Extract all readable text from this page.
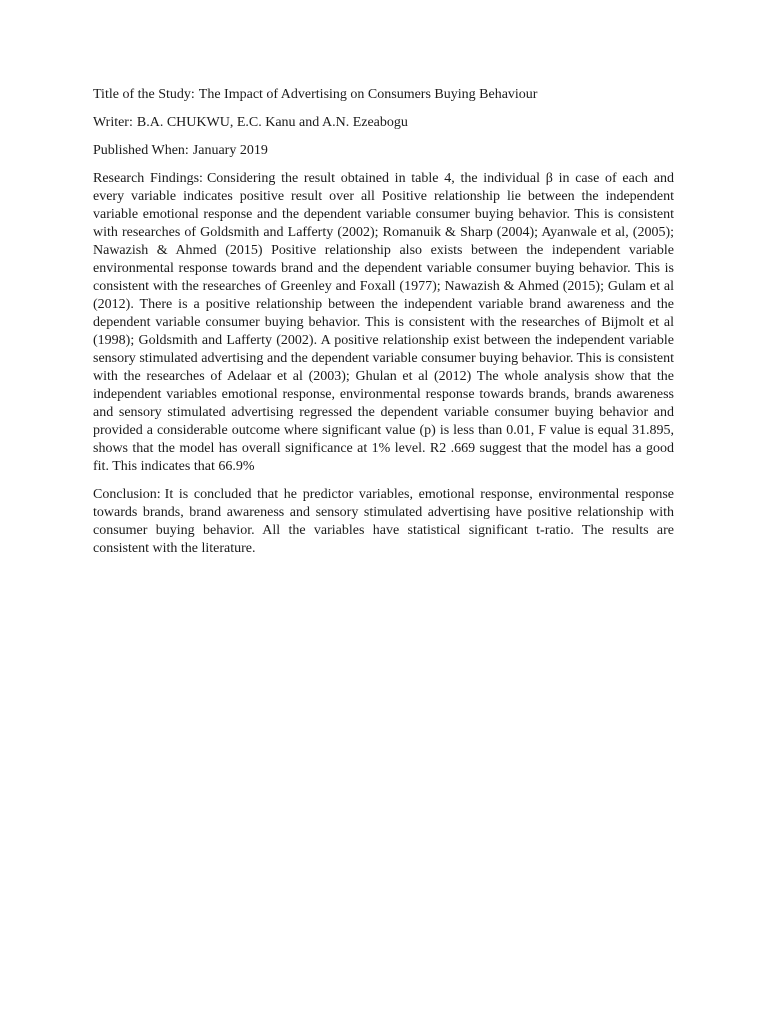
Title of the Study: The Impact of Advertising on Consumers Buying Behaviour

Writer: B.A. CHUKWU, E.C. Kanu and A.N. Ezeabogu

Published When: January 2019

Research Findings: Considering the result obtained in table 4, the individual β in case of each and every variable indicates positive result over all Positive relationship lie between the independent variable emotional response and the dependent variable consumer buying behavior. This is consistent with researches of Goldsmith and Lafferty (2002); Romanuik & Sharp (2004); Ayanwale et al, (2005); Nawazish & Ahmed (2015) Positive relationship also exists between the independent variable environmental response towards brand and the dependent variable consumer buying behavior. This is consistent with the researches of Greenley and Foxall (1977); Nawazish & Ahmed (2015); Gulam et al (2012). There is a positive relationship between the independent variable brand awareness and the dependent variable consumer buying behavior. This is consistent with the researches of Bijmolt et al (1998); Goldsmith and Lafferty (2002). A positive relationship exist between the independent variable sensory stimulated advertising and the dependent variable consumer buying behavior. This is consistent with the researches of Adelaar et al (2003); Ghulan et al (2012) The whole analysis show that the independent variables emotional response, environmental response towards brands, brands awareness and sensory stimulated advertising regressed the dependent variable consumer buying behavior and provided a considerable outcome where significant value (p) is less than 0.01, F value is equal 31.895, shows that the model has overall significance at 1% level. R2 .669 suggest that the model has a good fit. This indicates that 66.9%

Conclusion: It is concluded that he predictor variables, emotional response, environmental response towards brands, brand awareness and sensory stimulated advertising have positive relationship with consumer buying behavior. All the variables have statistical significant t-ratio. The results are consistent with the literature.
